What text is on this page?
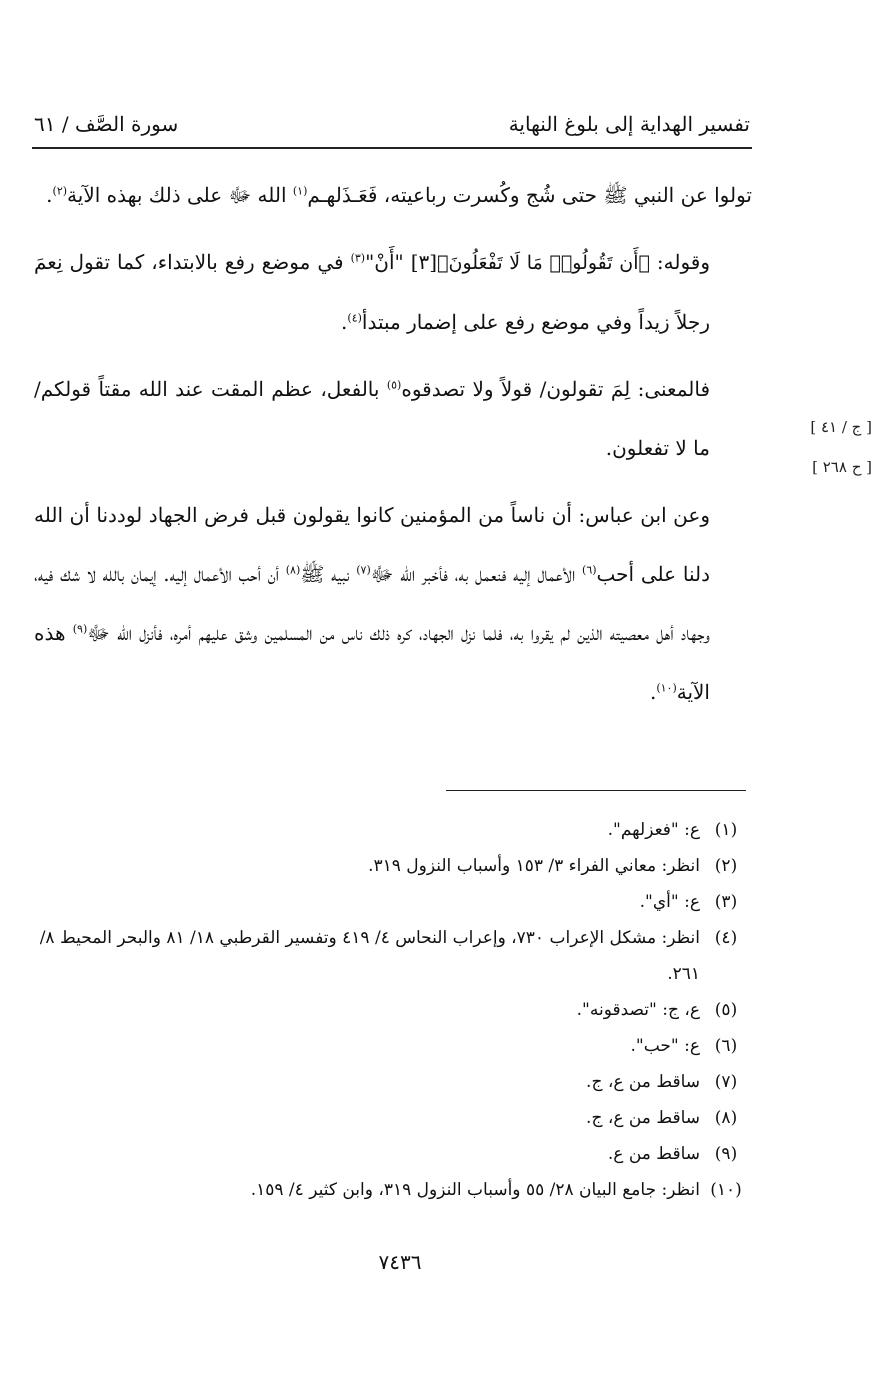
تفسير الهداية إلى بلوغ النهاية
سورة الصَّف / ٦١
[ ج / ٤١ ]
[ ح ٢٦٨ ]

تولوا عن النبي ﷺ حتى شُج وكُسرت رباعيته، فَعَـذَلهـم$^{(١)}$ الله ﷻ على ذلك بهذه الآية$^{(٢)}$.

وقوله: ﴿أَن تَقُولُوا۟ مَا لَا تَفْعَلُونَ﴾[٣] "أَنْ"$^{(٣)}$ في موضع رفع بالابتداء، كما تقول نِعمَ رجلاً زيداً وفي موضع رفع على إضمار مبتدأ$^{(٤)}$.

فالمعنى: لِمَ تقولون/ قولاً ولا تصدقوه$^{(٥)}$ بالفعل، عظم المقت عند الله مقتاً قولكم/ ما لا تفعلون.

وعن ابن عباس: أن ناساً من المؤمنين كانوا يقولون قبل فرض الجهاد لوددنا أن الله دلنا على أحب$^{(٦)}$ الأعمال إليه فنعمل به، فأخبر الله ﷻ$^{(٧)}$ نبيه ﷺ$^{(٨)}$ أن أحب الأعمال إليه. إيمان بالله لا شك فيه، وجهاد أهل معصيته الذين لم يقروا به، فلما نزل الجهاد، كره ذلك ناس من المسلمين وشق عليهم أمره، فأنزل الله ﷻ$^{(٩)}$ هذه الآية$^{(١٠)}$.

(١)
ع: "فعزلهم".
(٢)
انظر: معاني الفراء ٣/ ١٥٣ وأسباب النزول ٣١٩.
(٣)
ع: "أي".
(٤)
انظر: مشكل الإعراب ٧٣٠، وإعراب النحاس ٤/ ٤١٩ وتفسير القرطبي ١٨/ ٨١ والبحر المحيط ٨/ ٢٦١.
(٥)
ع، ج: "تصدقونه".
(٦)
ع: "حب".
(٧)
ساقط من ع، ج.
(٨)
ساقط من ع، ج.
(٩)
ساقط من ع.
(١٠)
انظر: جامع البيان ٢٨/ ٥٥ وأسباب النزول ٣١٩، وابن كثير ٤/ ١٥٩.
٧٤٣٦
